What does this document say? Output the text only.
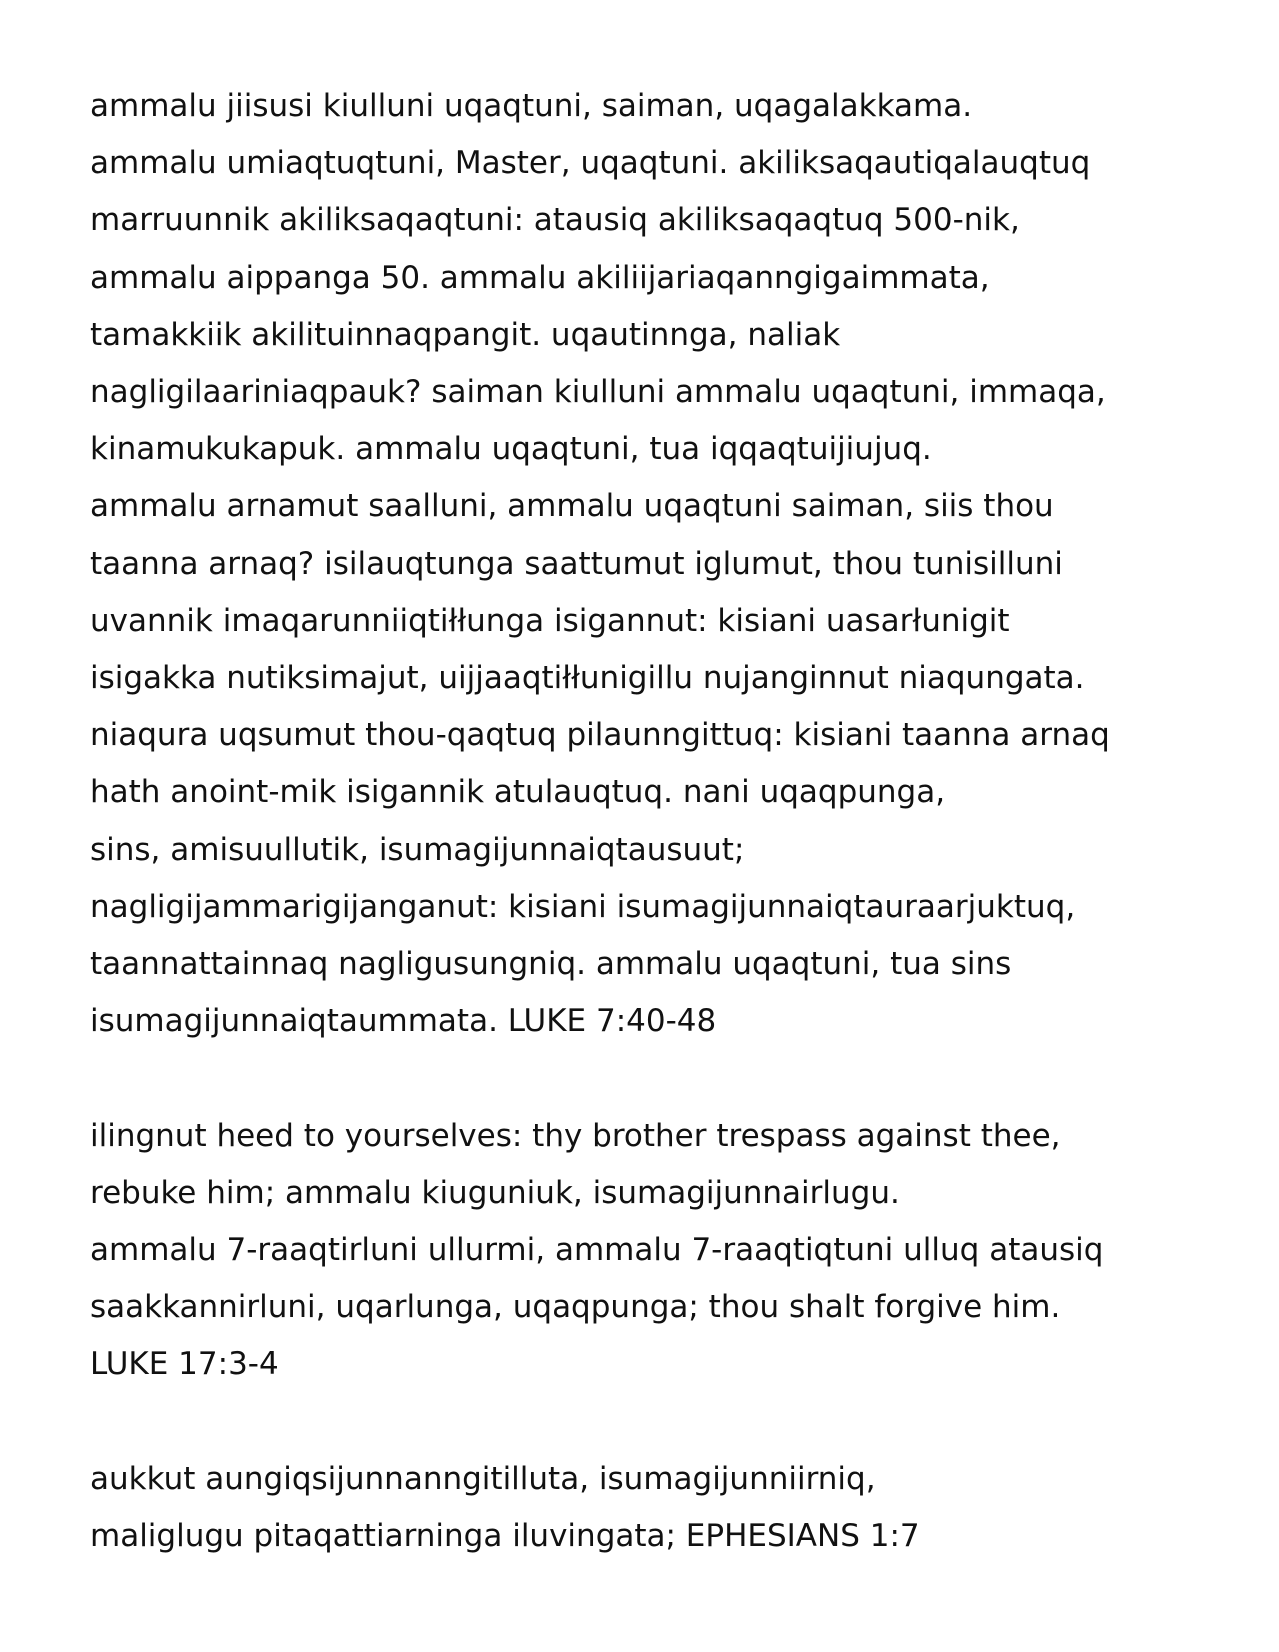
ammalu jiisusi kiulluni uqaqtuni, saiman, uqagalakkama.
ammalu umiaqtuqtuni, Master, uqaqtuni. akiliksaqautiqalauqtuq
marruunnik akiliksaqaqtuni: atausiq akiliksaqaqtuq 500-nik,
ammalu aippanga 50. ammalu akiliijariaqanngigaimmata,
tamakkiik akilituinnaqpangit. uqautinnga, naliak
nagligilaariniaqpauk? saiman kiulluni ammalu uqaqtuni, immaqa,
kinamukukapuk. ammalu uqaqtuni, tua iqqaqtuijiujuq.
ammalu arnamut saalluni, ammalu uqaqtuni saiman, siis thou
taanna arnaq? isilauqtunga saattumut iglumut, thou tunisilluni
uvannik imaqarunniiqtiłłunga isigannut: kisiani uasarłunigit
isigakka nutiksimajut, uijjaaqtiłłunigillu nujanginnut niaqungata.
niaqura uqsumut thou-qaqtuq pilaunngittuq: kisiani taanna arnaq
hath anoint-mik isigannik atulauqtuq. nani uqaqpunga,
sins, amisuullutik, isumagijunnaiqtausuut;
nagligijammarigijanganut: kisiani isumagijunnaiqtauraarjuktuq,
taannattainnaq nagligusungniq. ammalu uqaqtuni, tua sins
isumagijunnaiqtaummata. LUKE 7:40-48
ilingnut heed to yourselves: thy brother trespass against thee,
rebuke him; ammalu kiuguniuk, isumagijunnairlugu.
ammalu 7-raaqtirluni ullurmi, ammalu 7-raaqtiqtuni ulluq atausiq
saakkannirluni, uqarlunga, uqaqpunga; thou shalt forgive him.
LUKE 17:3-4
aukkut aungiqsijunnanngitilluta, isumagijunniirniq,
maliglugu pitaqattiarninga iluvingata; EPHESIANS 1:7
